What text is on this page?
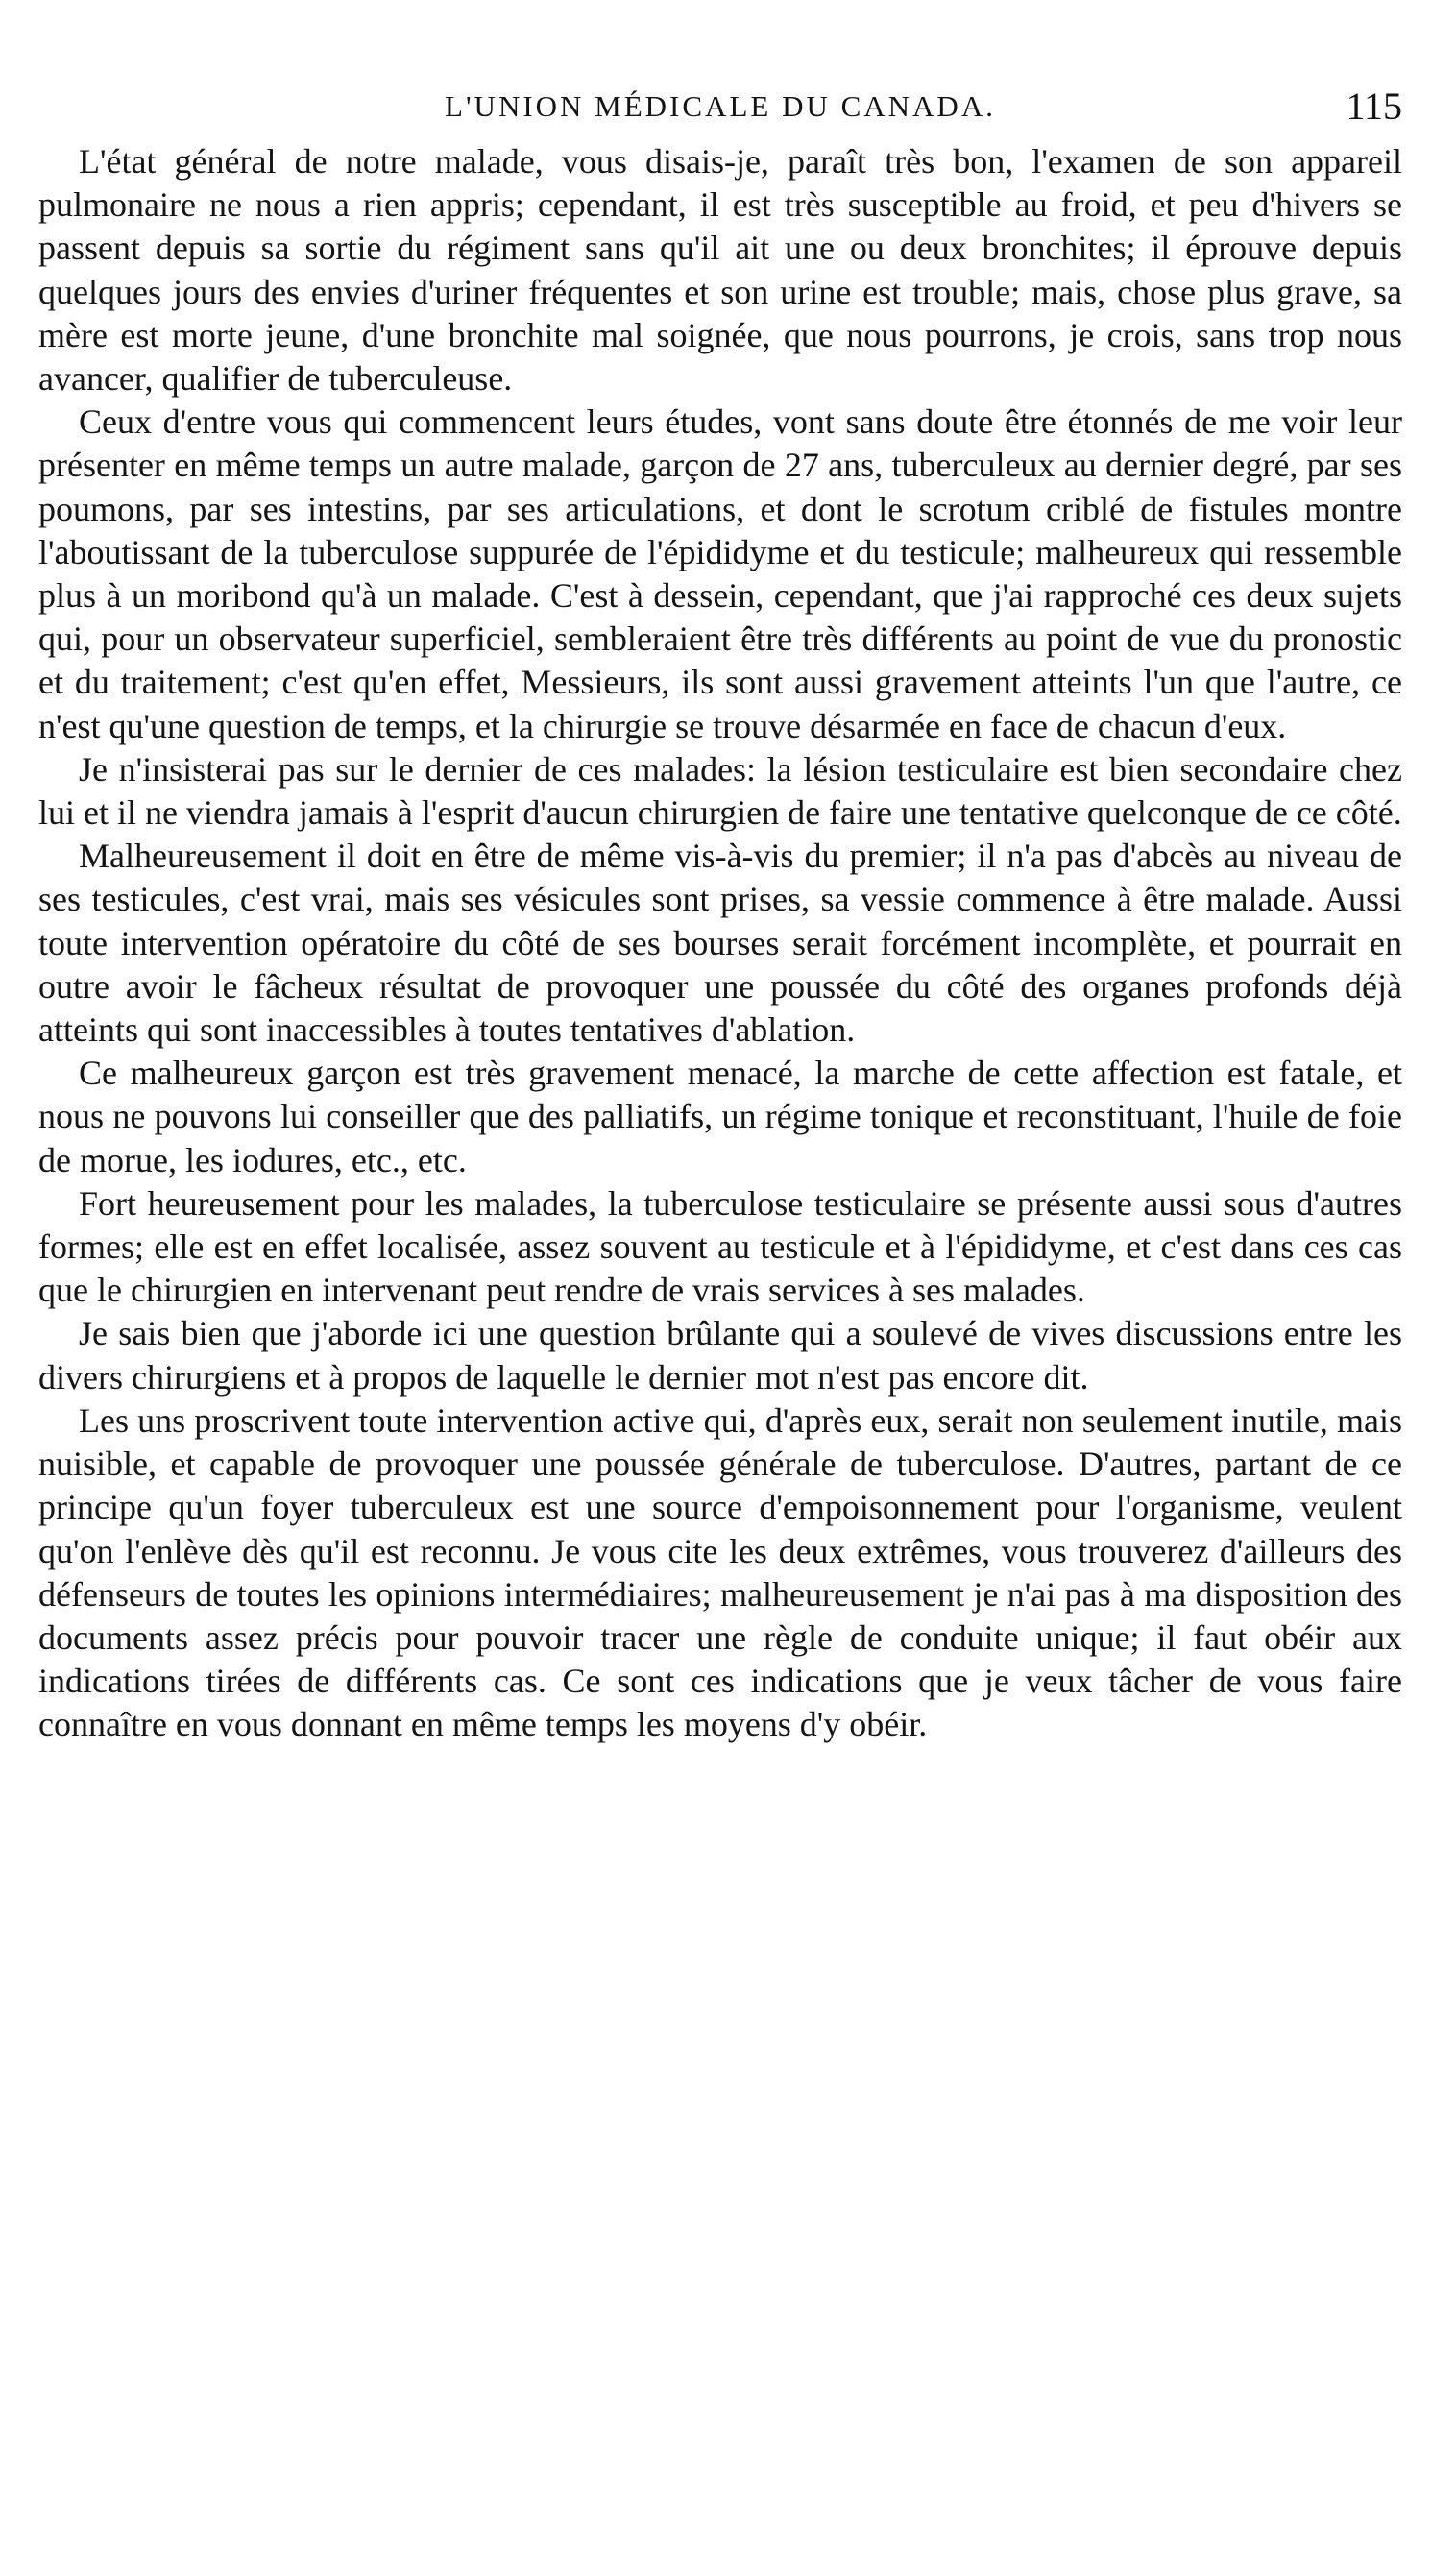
L'UNION MÉDICALE DU CANADA.	115

L'état général de notre malade, vous disais-je, paraît très bon, l'examen de son appareil pulmonaire ne nous a rien appris; cependant, il est très susceptible au froid, et peu d'hivers se passent depuis sa sortie du régiment sans qu'il ait une ou deux bronchites; il éprouve depuis quelques jours des envies d'uriner fréquentes et son urine est trouble; mais, chose plus grave, sa mère est morte jeune, d'une bronchite mal soignée, que nous pourrons, je crois, sans trop nous avancer, qualifier de tuberculeuse.

Ceux d'entre vous qui commencent leurs études, vont sans doute être étonnés de me voir leur présenter en même temps un autre malade, garçon de 27 ans, tuberculeux au dernier degré, par ses poumons, par ses intestins, par ses articulations, et dont le scrotum criblé de fistules montre l'aboutissant de la tuberculose suppurée de l'épididyme et du testicule; malheureux qui ressemble plus à un moribond qu'à un malade. C'est à dessein, cependant, que j'ai rapproché ces deux sujets qui, pour un observateur superficiel, sembleraient être très différents au point de vue du pronostic et du traitement; c'est qu'en effet, Messieurs, ils sont aussi gravement atteints l'un que l'autre, ce n'est qu'une question de temps, et la chirurgie se trouve désarmée en face de chacun d'eux.

Je n'insisterai pas sur le dernier de ces malades: la lésion testiculaire est bien secondaire chez lui et il ne viendra jamais à l'esprit d'aucun chirurgien de faire une tentative quelconque de ce côté.

Malheureusement il doit en être de même vis-à-vis du premier; il n'a pas d'abcès au niveau de ses testicules, c'est vrai, mais ses vésicules sont prises, sa vessie commence à être malade. Aussi toute intervention opératoire du côté de ses bourses serait forcément incomplète, et pourrait en outre avoir le fâcheux résultat de provoquer une poussée du côté des organes profonds déjà atteints qui sont inaccessibles à toutes tentatives d'ablation.

Ce malheureux garçon est très gravement menacé, la marche de cette affection est fatale, et nous ne pouvons lui conseiller que des palliatifs, un régime tonique et reconstituant, l'huile de foie de morue, les iodures, etc., etc.

Fort heureusement pour les malades, la tuberculose testiculaire se présente aussi sous d'autres formes; elle est en effet localisée, assez souvent au testicule et à l'épididyme, et c'est dans ces cas que le chirurgien en intervenant peut rendre de vrais services à ses malades.

Je sais bien que j'aborde ici une question brûlante qui a soulevé de vives discussions entre les divers chirurgiens et à propos de laquelle le dernier mot n'est pas encore dit.

Les uns proscrivent toute intervention active qui, d'après eux, serait non seulement inutile, mais nuisible, et capable de provoquer une poussée générale de tuberculose. D'autres, partant de ce principe qu'un foyer tuberculeux est une source d'empoisonnement pour l'organisme, veulent qu'on l'enlève dès qu'il est reconnu. Je vous cite les deux extrêmes, vous trouverez d'ailleurs des défenseurs de toutes les opinions intermédiaires; malheureusement je n'ai pas à ma disposition des documents assez précis pour pouvoir tracer une règle de conduite unique; il faut obéir aux indications tirées de différents cas. Ce sont ces indications que je veux tâcher de vous faire connaître en vous donnant en même temps les moyens d'y obéir.
